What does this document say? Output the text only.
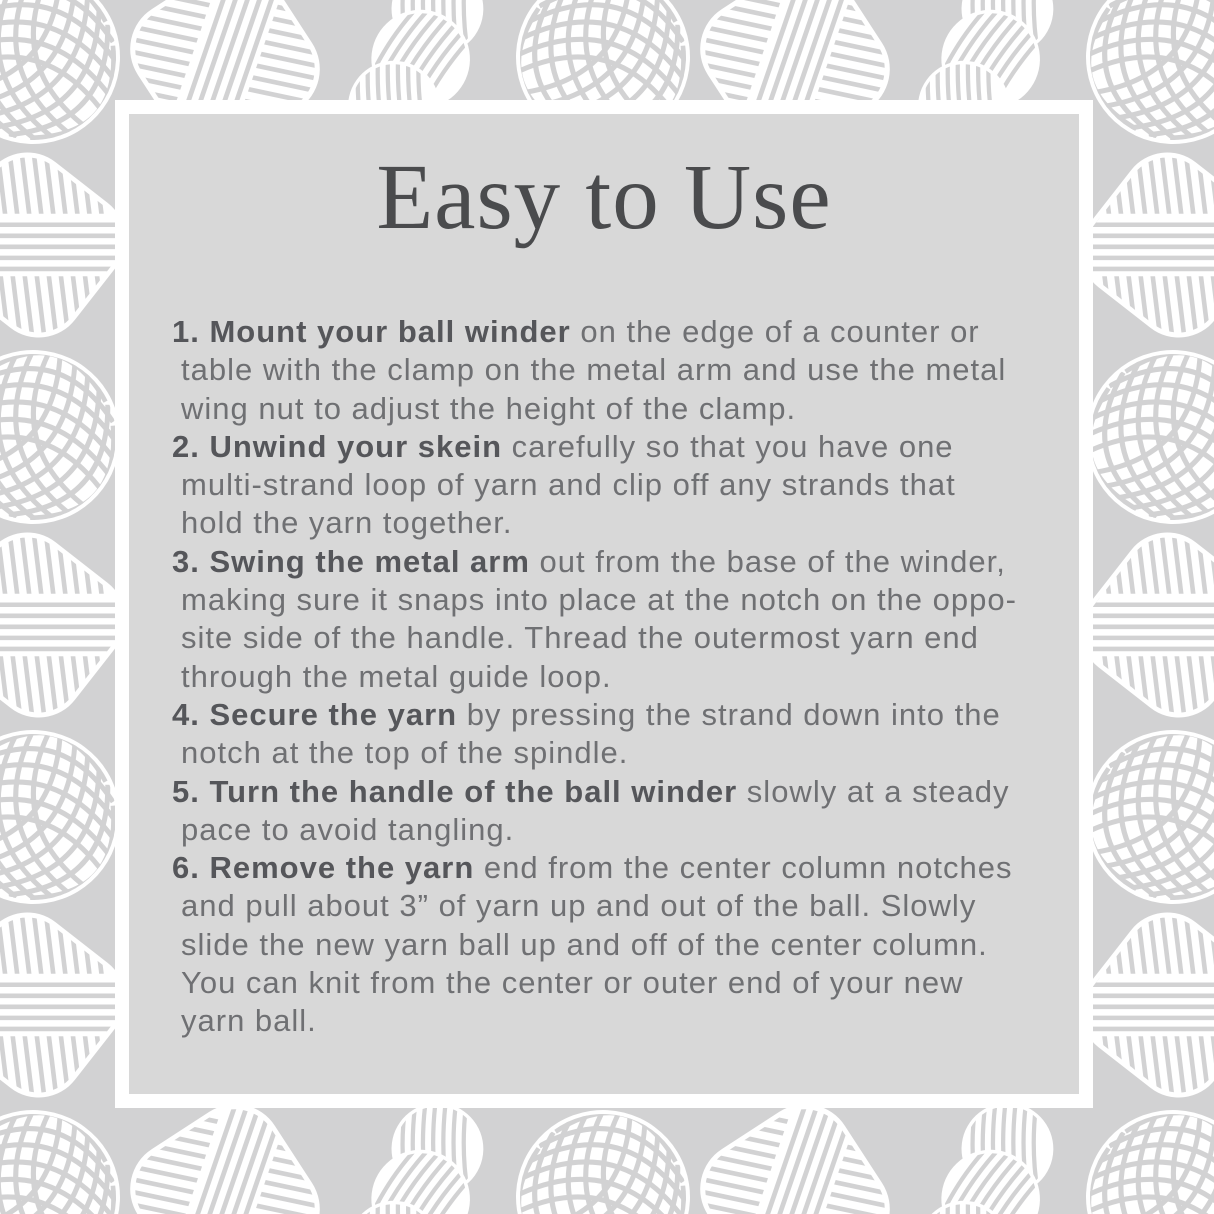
Easy to Use
1. Mount your ball winder on the edge of a counter or
table with the clamp on the metal arm and use the metal
wing nut to adjust the height of the clamp.
2. Unwind your skein carefully so that you have one
multi-strand loop of yarn and clip off any strands that
hold the yarn together.
3. Swing the metal arm out from the base of the winder,
making sure it snaps into place at the notch on the oppo-
site side of the handle. Thread the outermost yarn end
through the metal guide loop.
4. Secure the yarn by pressing the strand down into the
notch at the top of the spindle.
5. Turn the handle of the ball winder slowly at a steady
pace to avoid tangling.
6. Remove the yarn end from the center column notches
and pull about 3” of yarn up and out of the ball. Slowly
slide the new yarn ball up and off of the center column.
You can knit from the center or outer end of your new
yarn ball.
